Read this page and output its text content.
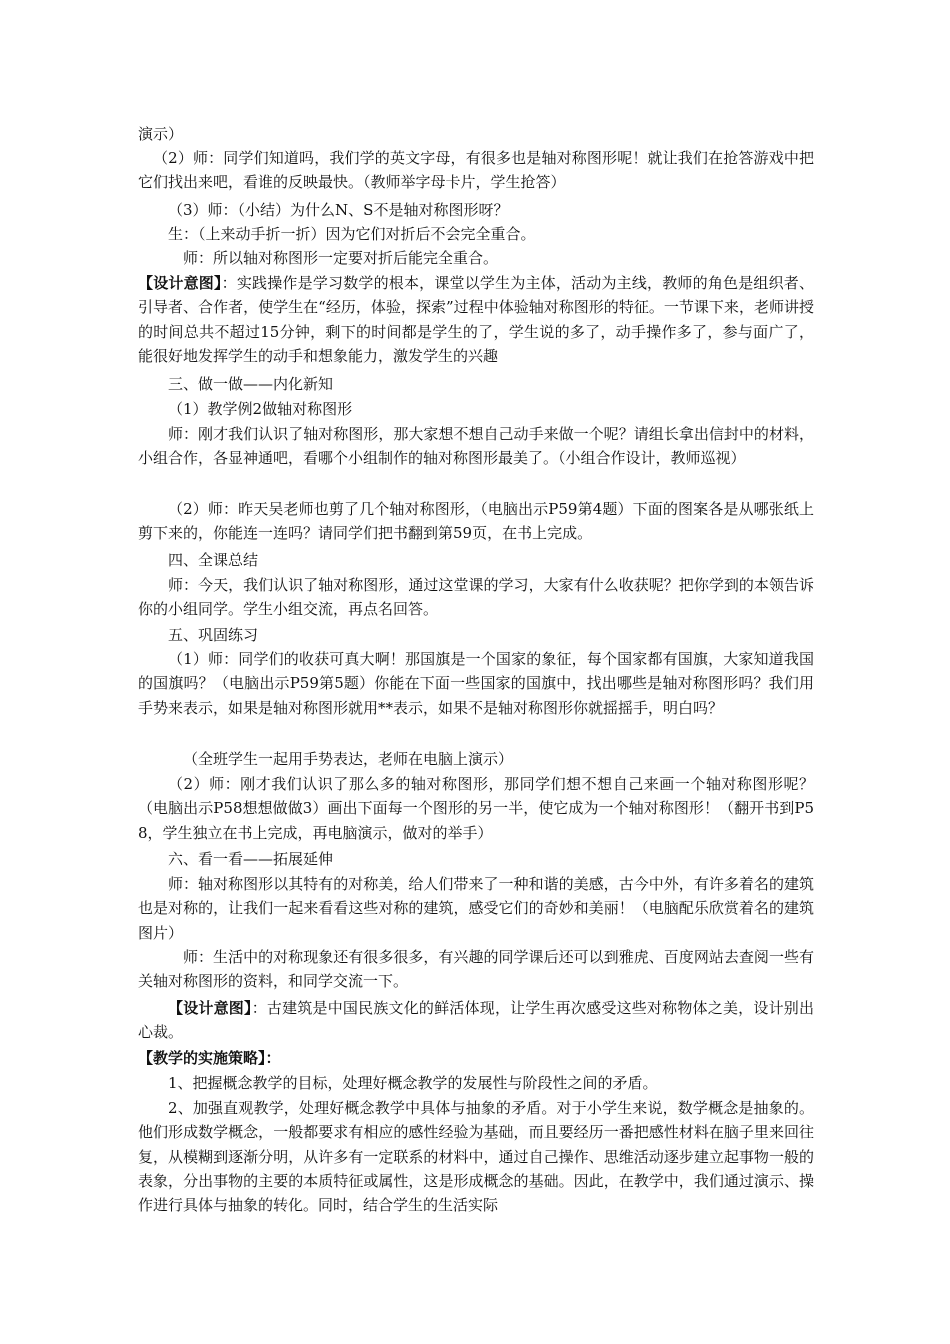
演示）
（2）师：同学们知道吗，我们学的英文字母，有很多也是轴对称图形呢！就让我们在抢答游戏中把它们找出来吧，看谁的反映最快。（教师举字母卡片，学生抢答）
（3）师：（小结）为什么N、S不是轴对称图形呀？
生：（上来动手折一折）因为它们对折后不会完全重合。
师：所以轴对称图形一定要对折后能完全重合。
【设计意图】：实践操作是学习数学的根本，课堂以学生为主体，活动为主线，教师的角色是组织者、引导者、合作者，使学生在“经历，体验，探索”过程中体验轴对称图形的特征。一节课下来，老师讲授的时间总共不超过15分钟，剩下的时间都是学生的了，学生说的多了，动手操作多了，参与面广了，能很好地发挥学生的动手和想象能力，激发学生的兴趣
三、做一做——内化新知
（1）教学例2做轴对称图形
师：刚才我们认识了轴对称图形，那大家想不想自己动手来做一个呢？请组长拿出信封中的材料，小组合作，各显神通吧，看哪个小组制作的轴对称图形最美了。（小组合作设计，教师巡视）
（2）师：昨天吴老师也剪了几个轴对称图形，（电脑出示P59第4题）下面的图案各是从哪张纸上剪下来的，你能连一连吗？请同学们把书翻到第59页，在书上完成。
四、全课总结
师：今天，我们认识了轴对称图形，通过这堂课的学习，大家有什么收获呢？把你学到的本领告诉你的小组同学。学生小组交流，再点名回答。
五、巩固练习
（1）师：同学们的收获可真大啊！那国旗是一个国家的象征，每个国家都有国旗，大家知道我国的国旗吗？（电脑出示P59第5题）你能在下面一些国家的国旗中，找出哪些是轴对称图形吗？我们用手势来表示，如果是轴对称图形就用**表示，如果不是轴对称图形你就摇摇手，明白吗？
（全班学生一起用手势表达，老师在电脑上演示）
（2）师：刚才我们认识了那么多的轴对称图形，那同学们想不想自己来画一个轴对称图形呢？（电脑出示P58想想做做3）画出下面每一个图形的另一半，使它成为一个轴对称图形！（翻开书到P58，学生独立在书上完成，再电脑演示，做对的举手）
六、看一看——拓展延伸
师：轴对称图形以其特有的对称美，给人们带来了一种和谐的美感，古今中外，有许多着名的建筑也是对称的，让我们一起来看看这些对称的建筑，感受它们的奇妙和美丽！（电脑配乐欣赏着名的建筑图片）
师：生活中的对称现象还有很多很多，有兴趣的同学课后还可以到雅虎、百度网站去查阅一些有关轴对称图形的资料，和同学交流一下。
【设计意图】：古建筑是中国民族文化的鲜活体现，让学生再次感受这些对称物体之美，设计别出心裁。
【教学的实施策略】：
1、把握概念教学的目标，处理好概念教学的发展性与阶段性之间的矛盾。
2、加强直观教学，处理好概念教学中具体与抽象的矛盾。对于小学生来说，数学概念是抽象的。他们形成数学概念，一般都要求有相应的感性经验为基础，而且要经历一番把感性材料在脑子里来回往复，从模糊到逐渐分明，从许多有一定联系的材料中，通过自己操作、思维活动逐步建立起事物一般的表象，分出事物的主要的本质特征或属性，这是形成概念的基础。因此，在教学中，我们通过演示、操作进行具体与抽象的转化。同时，结合学生的生活实际
